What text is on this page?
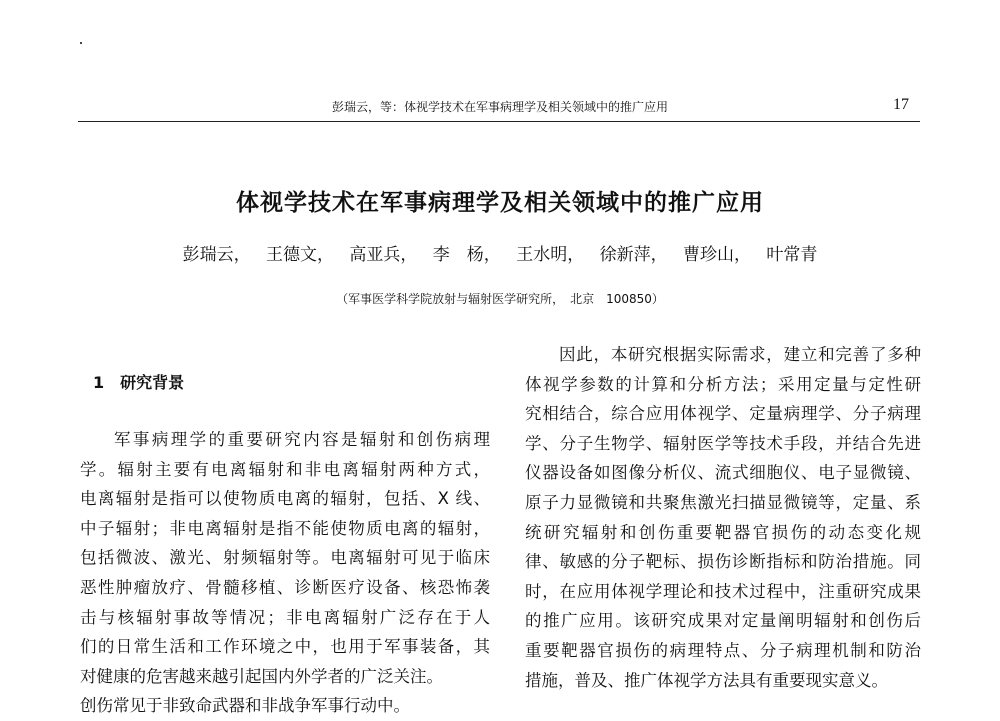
彭瑞云，等：体视学技术在军事病理学及相关领域中的推广应用	17
体视学技术在军事病理学及相关领域中的推广应用
彭瑞云， 王德文， 高亚兵， 李　杨， 王水明， 徐新萍， 曹珍山， 叶常青
（军事医学科学院放射与辐射医学研究所，　北京　100850）
1　研究背景
军事病理学的重要研究内容是辐射和创伤病理
学。辐射主要有电离辐射和非电离辐射两种方式，
电离辐射是指可以使物质电离的辐射，包括、X 线、
中子辐射；非电离辐射是指不能使物质电离的辐射，
包括微波、激光、射频辐射等。电离辐射可见于临床
恶性肿瘤放疗、骨髓移植、诊断医疗设备、核恐怖袭
击与核辐射事故等情况；非电离辐射广泛存在于人
们的日常生活和工作环境之中，也用于军事装备，其
对健康的危害越来越引起国内外学者的广泛关注。
创伤常见于非致命武器和非战争军事行动中。
因此，本研究根据实际需求，建立和完善了多种
体视学参数的计算和分析方法；采用定量与定性研
究相结合，综合应用体视学、定量病理学、分子病理
学、分子生物学、辐射医学等技术手段，并结合先进
仪器设备如图像分析仪、流式细胞仪、电子显微镜、
原子力显微镜和共聚焦激光扫描显微镜等，定量、系
统研究辐射和创伤重要靶器官损伤的动态变化规
律、敏感的分子靶标、损伤诊断指标和防治措施。同
时，在应用体视学理论和技术过程中，注重研究成果
的推广应用。该研究成果对定量阐明辐射和创伤后
重要靶器官损伤的病理特点、分子病理机制和防治
措施，普及、推广体视学方法具有重要现实意义。
